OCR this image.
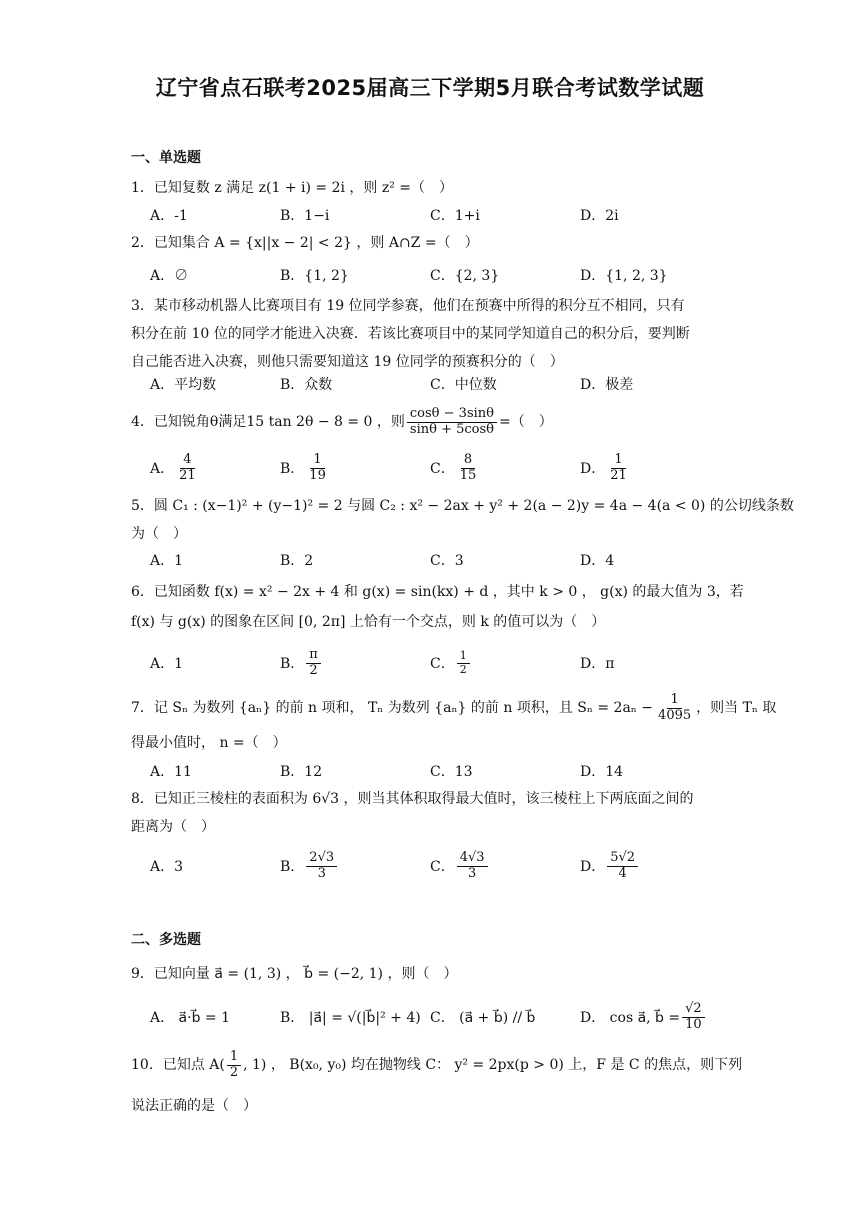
辽宁省点石联考2025届高三下学期5月联合考试数学试题
一、单选题
1．已知复数 z 满足 z(1 + i) = 2i ，则 z² =（　）
A．-1	B．1−i	C．1+i	D．2i
2．已知集合 A = {x||x − 2| < 2} ，则 A∩Z =（　）
A．∅	B．{1, 2}	C．{2, 3}	D．{1, 2, 3}
3．某市移动机器人比赛项目有 19 位同学参赛，他们在预赛中所得的积分互不相同，只有
积分在前 10 位的同学才能进入决赛．若该比赛项目中的某同学知道自己的积分后，要判断
自己能否进入决赛，则他只需要知道这 19 位同学的预赛积分的（　）
A．平均数	B．众数	C．中位数	D．极差
4．已知锐角θ满足15 tan 2θ − 8 = 0 ，则 $\frac{\cos\theta - 3\sin\theta}{\sin\theta + 5\cos\theta}$ =（　）
A． $\frac{4}{21}$	B． $\frac{1}{19}$	C． $\frac{8}{15}$	D． $\frac{1}{21}$
5．圆 C₁ : (x−1)² + (y−1)² = 2 与圆 C₂ : x² − 2ax + y² + 2(a − 2)y = 4a − 4(a < 0) 的公切线条数
为（　）
A．1	B．2	C．3	D．4
6．已知函数 f(x) = x² − 2x + 4 和 g(x) = sin(kx) + d ，其中 k > 0 ， g(x) 的最大值为 3，若
f(x) 与 g(x) 的图象在区间 [0, 2π] 上恰有一个交点，则 k 的值可以为（　）
A．1	B． $\frac{\pi}{2}$	C． $\frac{1}{2}$	D．π
7．记 Sₙ 为数列 {aₙ} 的前 n 项和， Tₙ 为数列 {aₙ} 的前 n 项积，且 $S_n = 2a_n - \frac{1}{4095}$ ，则当 Tₙ 取
得最小值时， n =（　）
A．11	B．12	C．13	D．14
8．已知正三棱柱的表面积为 6√3 ，则当其体积取得最大值时，该三棱柱上下两底面之间的
距离为（　）
A．3	B． $\frac{2√3}{3}$	C． $\frac{4√3}{3}$	D． $\frac{5√2}{4}$
二、多选题
9．已知向量 a⃗ = (1, 3) ， b⃗ = (−2, 1) ，则（　）
A． a⃗·b⃗ = 1	B． |a⃗| = √(|b⃗|² + 4) C． (a⃗ + b⃗) // b⃗	D． cos a⃗, b⃗ = $\frac{√2}{10}$
10．已知点 $A( \frac{1}{2}$ , 1) ， B(x₀, y₀) 均在抛物线 C： y² = 2px(p > 0) 上，F 是 C 的焦点，则下列
说法正确的是（　）
